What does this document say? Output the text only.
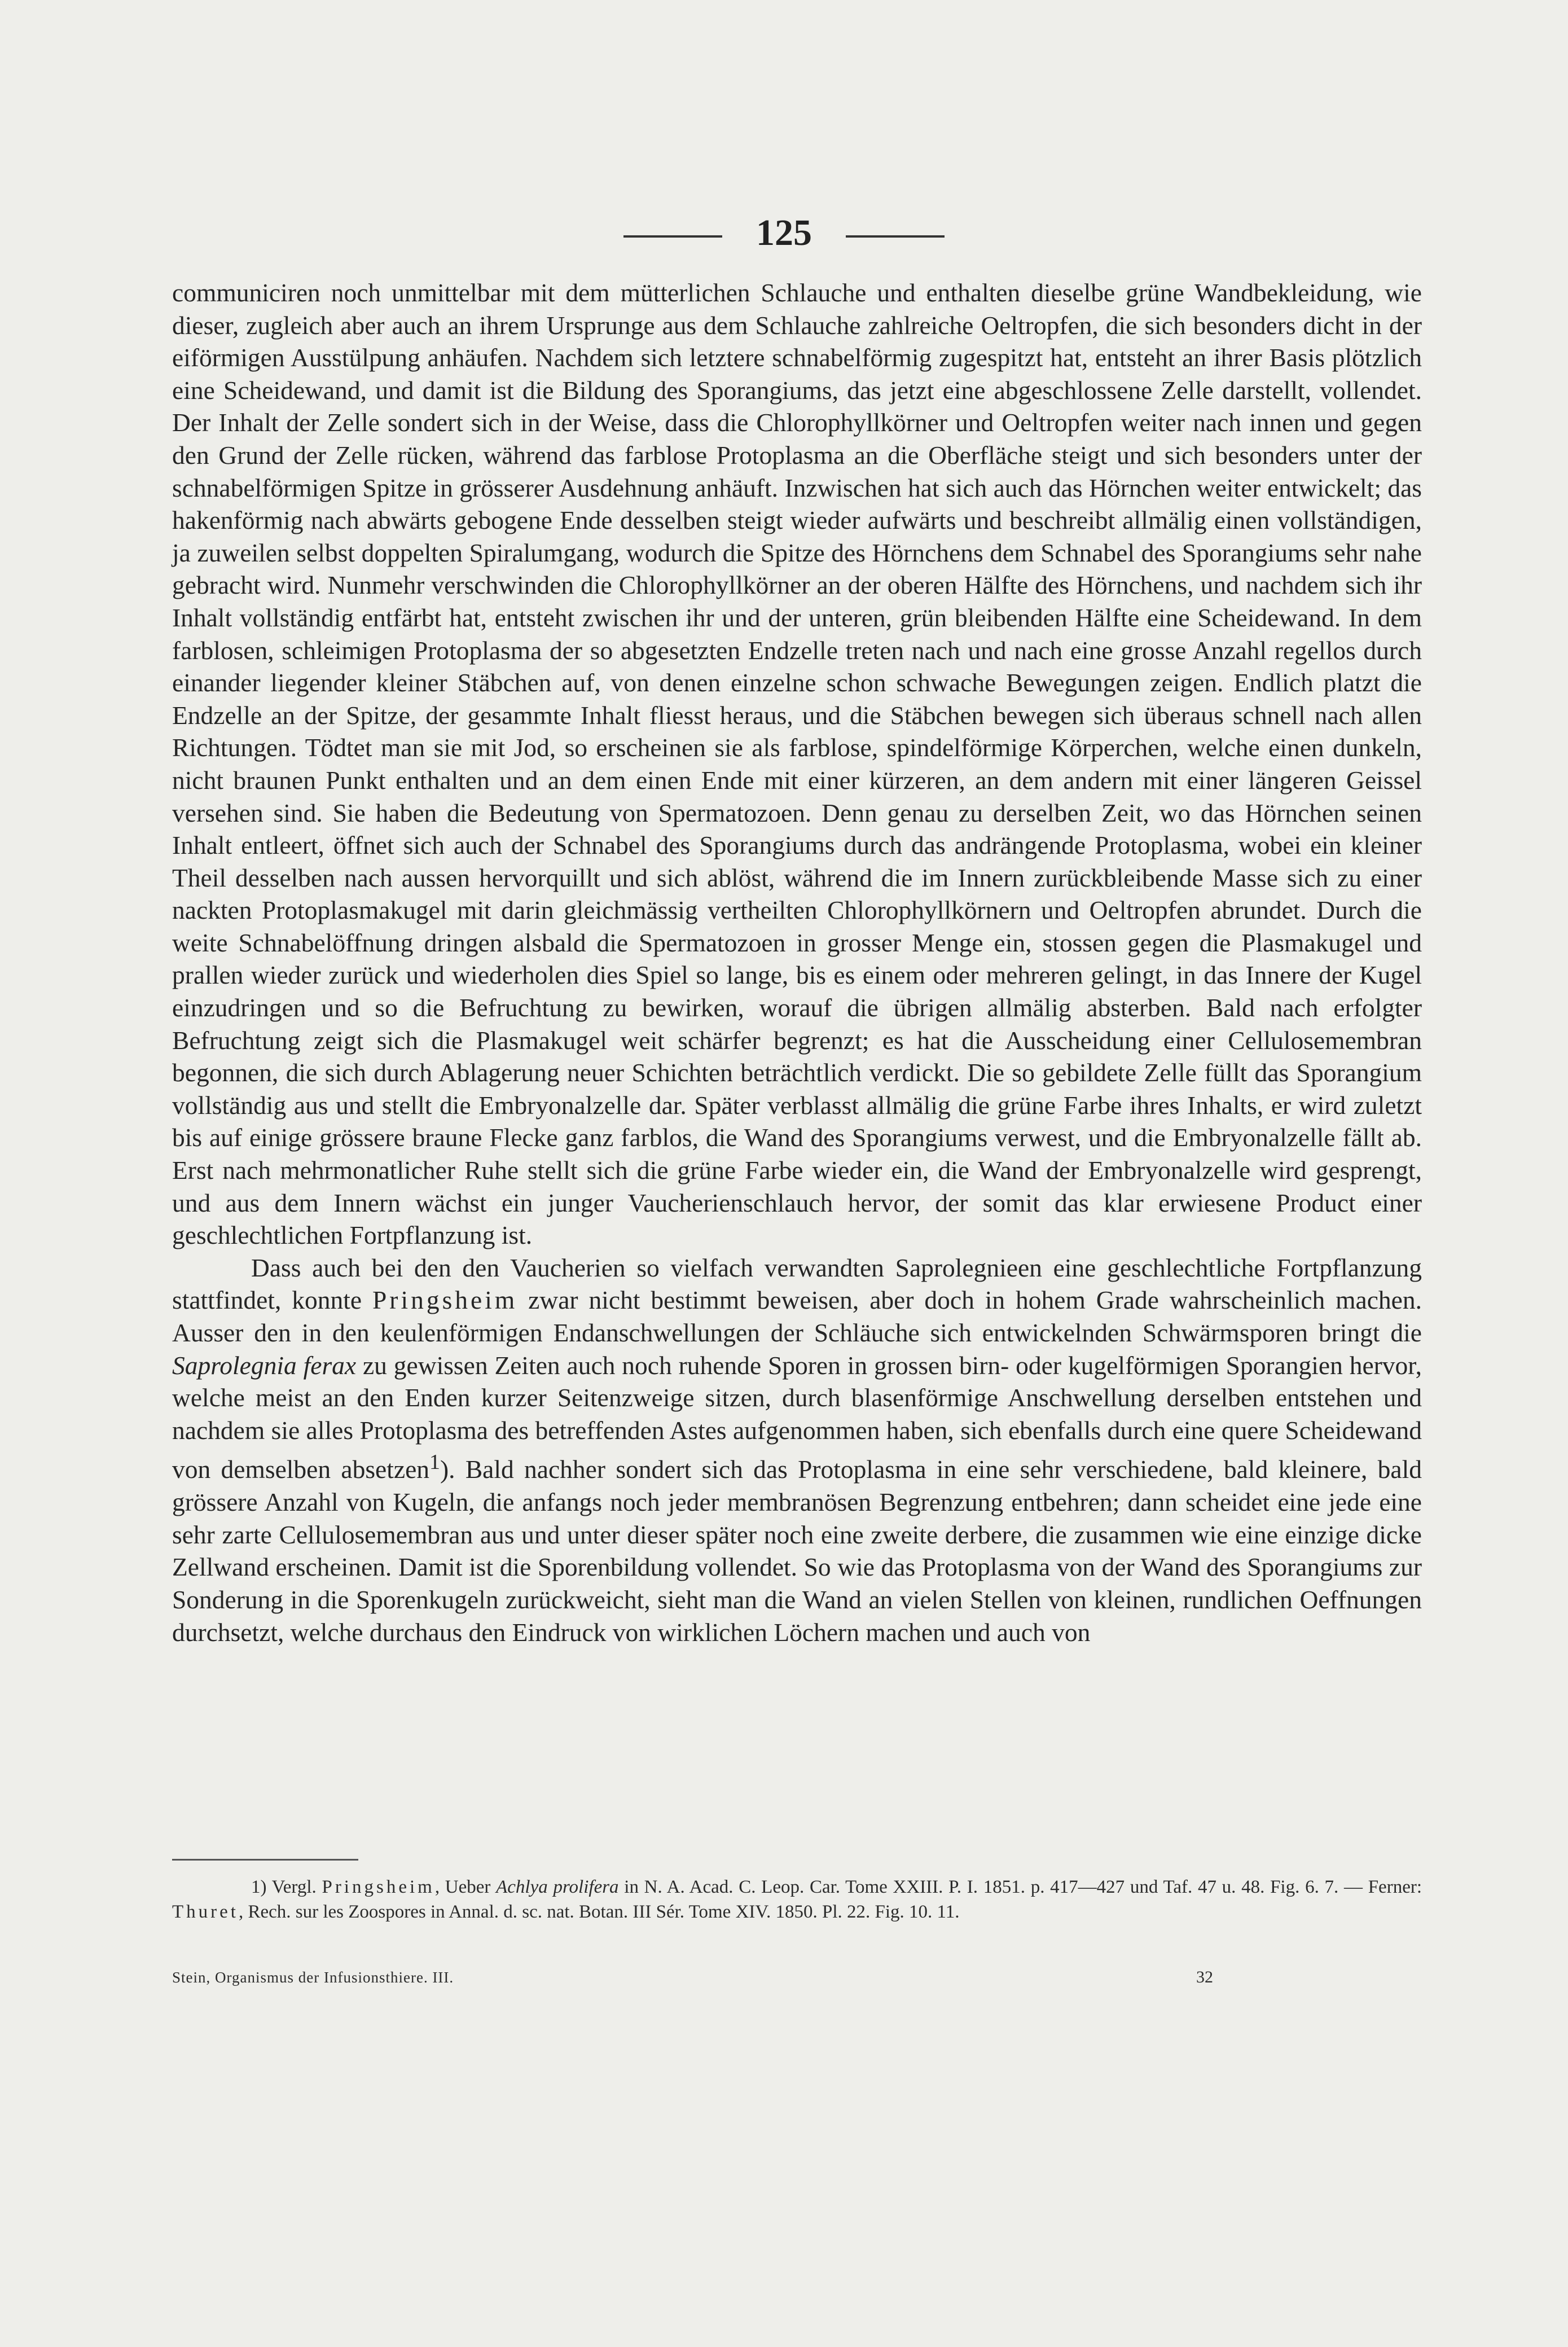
125

communiciren noch unmittelbar mit dem mütterlichen Schlauche und enthalten dieselbe grüne Wandbekleidung, wie dieser, zugleich aber auch an ihrem Ursprunge aus dem Schlauche zahlreiche Oeltropfen, die sich besonders dicht in der eiförmigen Ausstülpung anhäufen. Nachdem sich letztere schnabelförmig zugespitzt hat, entsteht an ihrer Basis plötzlich eine Scheidewand, und damit ist die Bildung des Sporangiums, das jetzt eine abgeschlossene Zelle darstellt, vollendet. Der Inhalt der Zelle sondert sich in der Weise, dass die Chlorophyllkörner und Oeltropfen weiter nach innen und gegen den Grund der Zelle rücken, während das farblose Protoplasma an die Oberfläche steigt und sich besonders unter der schnabelförmigen Spitze in grösserer Ausdehnung anhäuft. Inzwischen hat sich auch das Hörnchen weiter entwickelt; das hakenförmig nach abwärts gebogene Ende desselben steigt wieder aufwärts und beschreibt allmälig einen vollständigen, ja zuweilen selbst doppelten Spiralumgang, wodurch die Spitze des Hörnchens dem Schnabel des Sporangiums sehr nahe gebracht wird. Nunmehr verschwinden die Chlorophyllkörner an der oberen Hälfte des Hörnchens, und nachdem sich ihr Inhalt vollständig entfärbt hat, entsteht zwischen ihr und der unteren, grün bleibenden Hälfte eine Scheidewand. In dem farblosen, schleimigen Protoplasma der so abgesetzten Endzelle treten nach und nach eine grosse Anzahl regellos durch einander liegender kleiner Stäbchen auf, von denen einzelne schon schwache Bewegungen zeigen. Endlich platzt die Endzelle an der Spitze, der gesammte Inhalt fliesst heraus, und die Stäbchen bewegen sich überaus schnell nach allen Richtungen. Tödtet man sie mit Jod, so erscheinen sie als farblose, spindelförmige Körperchen, welche einen dunkeln, nicht braunen Punkt enthalten und an dem einen Ende mit einer kürzeren, an dem andern mit einer längeren Geissel versehen sind. Sie haben die Bedeutung von Spermatozoen. Denn genau zu derselben Zeit, wo das Hörnchen seinen Inhalt entleert, öffnet sich auch der Schnabel des Sporangiums durch das andrängende Protoplasma, wobei ein kleiner Theil desselben nach aussen hervorquillt und sich ablöst, während die im Innern zurückbleibende Masse sich zu einer nackten Protoplasmakugel mit darin gleichmässig vertheilten Chlorophyllkörnern und Oeltropfen abrundet. Durch die weite Schnabelöffnung dringen alsbald die Spermatozoen in grosser Menge ein, stossen gegen die Plasmakugel und prallen wieder zurück und wiederholen dies Spiel so lange, bis es einem oder mehreren gelingt, in das Innere der Kugel einzudringen und so die Befruchtung zu bewirken, worauf die übrigen allmälig absterben. Bald nach erfolgter Befruchtung zeigt sich die Plasmakugel weit schärfer begrenzt; es hat die Ausscheidung einer Cellulosemembran begonnen, die sich durch Ablagerung neuer Schichten beträchtlich verdickt. Die so gebildete Zelle füllt das Sporangium vollständig aus und stellt die Embryonalzelle dar. Später verblasst allmälig die grüne Farbe ihres Inhalts, er wird zuletzt bis auf einige grössere braune Flecke ganz farblos, die Wand des Sporangiums verwest, und die Embryonalzelle fällt ab. Erst nach mehrmonatlicher Ruhe stellt sich die grüne Farbe wieder ein, die Wand der Embryonalzelle wird gesprengt, und aus dem Innern wächst ein junger Vaucherienschlauch hervor, der somit das klar erwiesene Product einer geschlechtlichen Fortpflanzung ist.

Dass auch bei den den Vaucherien so vielfach verwandten Saprolegnieen eine geschlechtliche Fortpflanzung stattfindet, konnte Pringsheim zwar nicht bestimmt beweisen, aber doch in hohem Grade wahrscheinlich machen. Ausser den in den keulenförmigen Endanschwellungen der Schläuche sich entwickelnden Schwärmsporen bringt die Saprolegnia ferax zu gewissen Zeiten auch noch ruhende Sporen in grossen birn- oder kugelförmigen Sporangien hervor, welche meist an den Enden kurzer Seitenzweige sitzen, durch blasenförmige Anschwellung derselben entstehen und nachdem sie alles Protoplasma des betreffenden Astes aufgenommen haben, sich ebenfalls durch eine quere Scheidewand von demselben absetzen$^1$). Bald nachher sondert sich das Protoplasma in eine sehr verschiedene, bald kleinere, bald grössere Anzahl von Kugeln, die anfangs noch jeder membranösen Begrenzung entbehren; dann scheidet eine jede eine sehr zarte Cellulosemembran aus und unter dieser später noch eine zweite derbere, die zusammen wie eine einzige dicke Zellwand erscheinen. Damit ist die Sporenbildung vollendet. So wie das Protoplasma von der Wand des Sporangiums zur Sonderung in die Sporenkugeln zurückweicht, sieht man die Wand an vielen Stellen von kleinen, rundlichen Oeffnungen durchsetzt, welche durchaus den Eindruck von wirklichen Löchern machen und auch von

1) Vergl. Pringsheim, Ueber Achlya prolifera in N. A. Acad. C. Leop. Car. Tome XXIII. P. I. 1851. p. 417—427 und Taf. 47 u. 48. Fig. 6. 7. — Ferner: Thuret, Rech. sur les Zoospores in Annal. d. sc. nat. Botan. III Sér. Tome XIV. 1850. Pl. 22. Fig. 10. 11.

Stein, Organismus der Infusionsthiere. III.	32
